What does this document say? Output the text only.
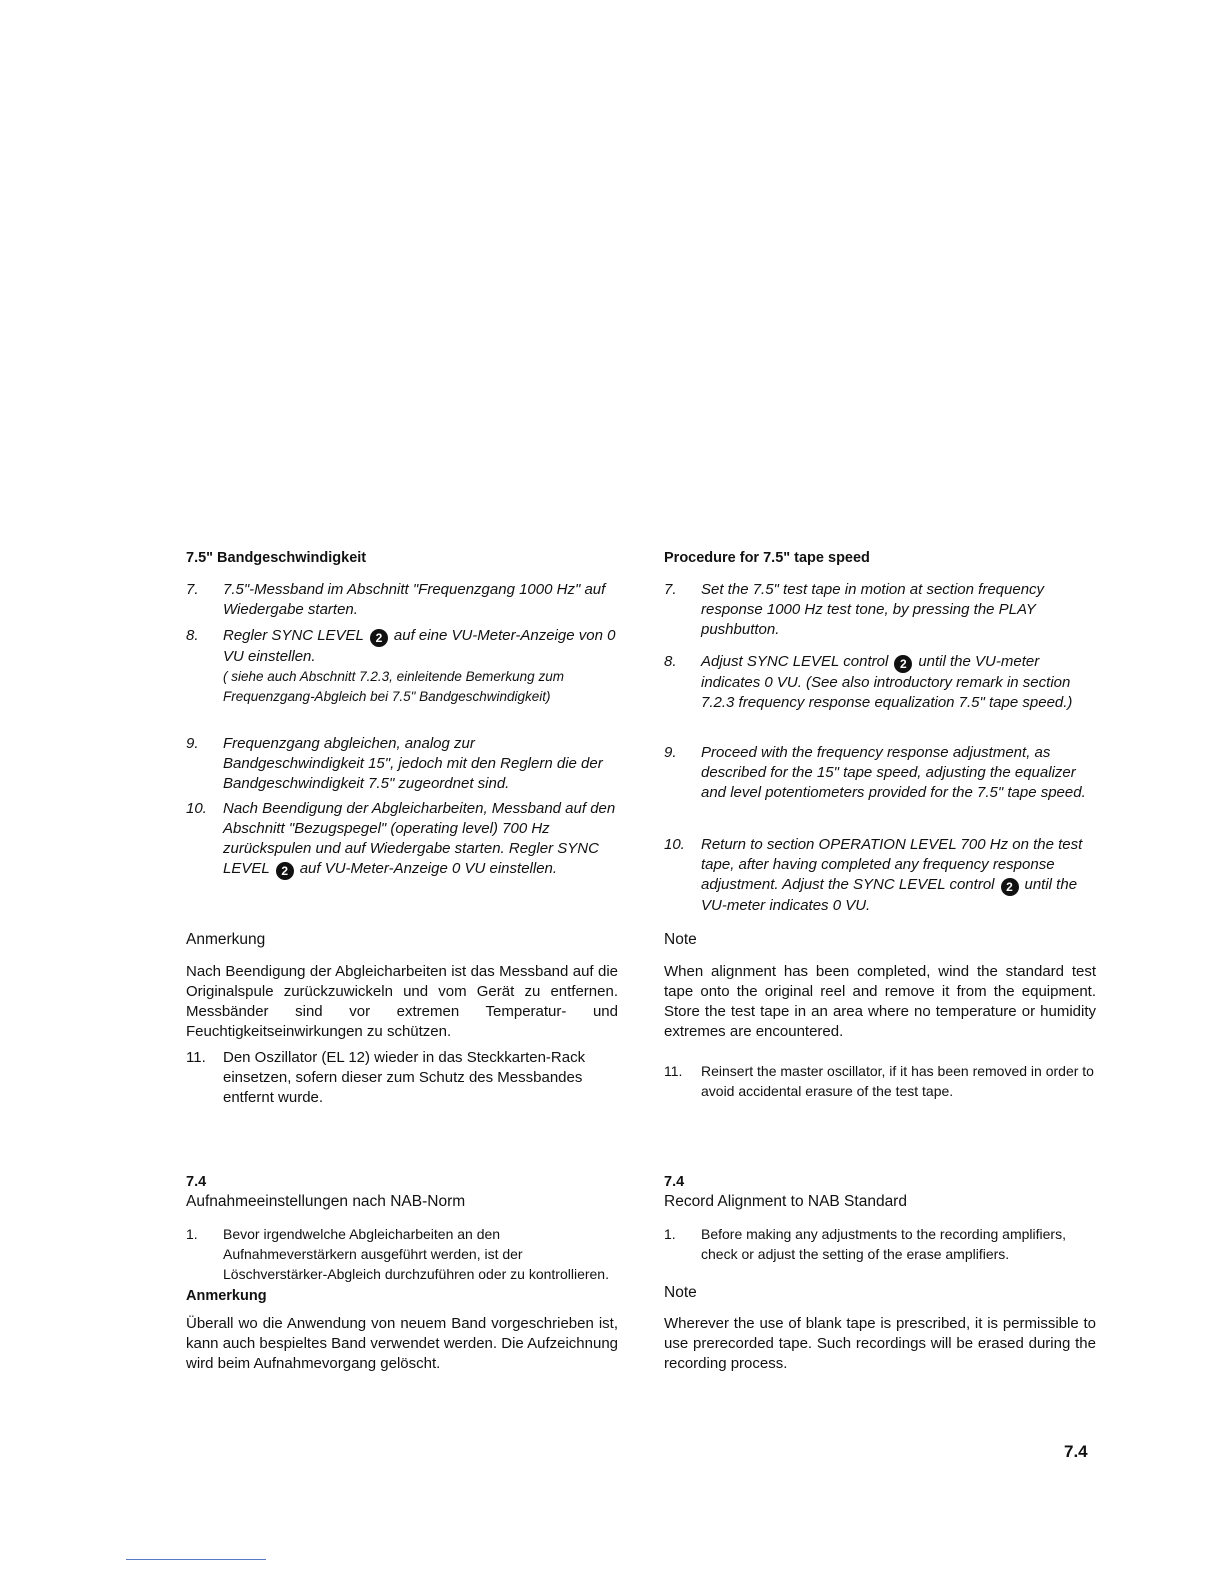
7.5" Bandgeschwindigkeit
7.	7.5"-Messband im Abschnitt "Frequenzgang 1000 Hz" auf Wiedergabe starten.
8.	Regler SYNC LEVEL 2 auf eine VU-Meter-Anzeige von 0 VU einstellen.
( siehe auch Abschnitt 7.2.3, einleitende Bemerkung zum Frequenzgang-Abgleich bei 7.5" Bandgeschwindigkeit)
9.	Frequenzgang abgleichen, analog zur Bandgeschwindigkeit 15", jedoch mit den Reglern die der Bandgeschwindigkeit 7.5" zugeordnet sind.
10.	Nach Beendigung der Abgleicharbeiten, Messband auf den Abschnitt "Bezugspegel" (operating level) 700 Hz zurückspulen und auf Wiedergabe starten. Regler SYNC LEVEL 2 auf VU-Meter-Anzeige 0 VU einstellen.
Anmerkung
Nach Beendigung der Abgleicharbeiten ist das Messband auf die Originalspule zurückzuwickeln und vom Gerät zu entfernen. Messbänder sind vor extremen Temperatur- und Feuchtigkeitseinwirkungen zu schützen.
11.	Den Oszillator (EL 12) wieder in das Steckkarten-Rack einsetzen, sofern dieser zum Schutz des Messbandes entfernt wurde.
7.4
Aufnahmeeinstellungen nach NAB-Norm
1.	Bevor irgendwelche Abgleicharbeiten an den Aufnahmeverstärkern ausgeführt werden, ist der Löschverstärker-Abgleich durchzuführen oder zu kontrollieren.
Anmerkung
Überall wo die Anwendung von neuem Band vorgeschrieben ist, kann auch bespieltes Band verwendet werden. Die Aufzeichnung wird beim Aufnahmevorgang gelöscht.
Procedure for 7.5" tape speed
7.	Set the 7.5" test tape in motion at section frequency response 1000 Hz test tone, by pressing the PLAY pushbutton.
8.	Adjust SYNC LEVEL control 2 until the VU-meter indicates 0 VU. (See also introductory remark in section 7.2.3 frequency response equalization 7.5" tape speed.)
9.	Proceed with the frequency response adjustment, as described for the 15" tape speed, adjusting the equalizer and level potentiometers provided for the 7.5" tape speed.
10.	Return to section OPERATION LEVEL 700 Hz on the test tape, after having completed any frequency response adjustment. Adjust the SYNC LEVEL control 2 until the VU-meter indicates 0 VU.
Note
When alignment has been completed, wind the standard test tape onto the original reel and remove it from the equipment. Store the test tape in an area where no temperature or humidity extremes are encountered.
11.	Reinsert the master oscillator, if it has been removed in order to avoid accidental erasure of the test tape.
7.4
Record Alignment to NAB Standard
1.	Before making any adjustments to the recording amplifiers, check or adjust the setting of the erase amplifiers.
Note
Wherever the use of blank tape is prescribed, it is permissible to use prerecorded tape. Such recordings will be erased during the recording process.
7.4
